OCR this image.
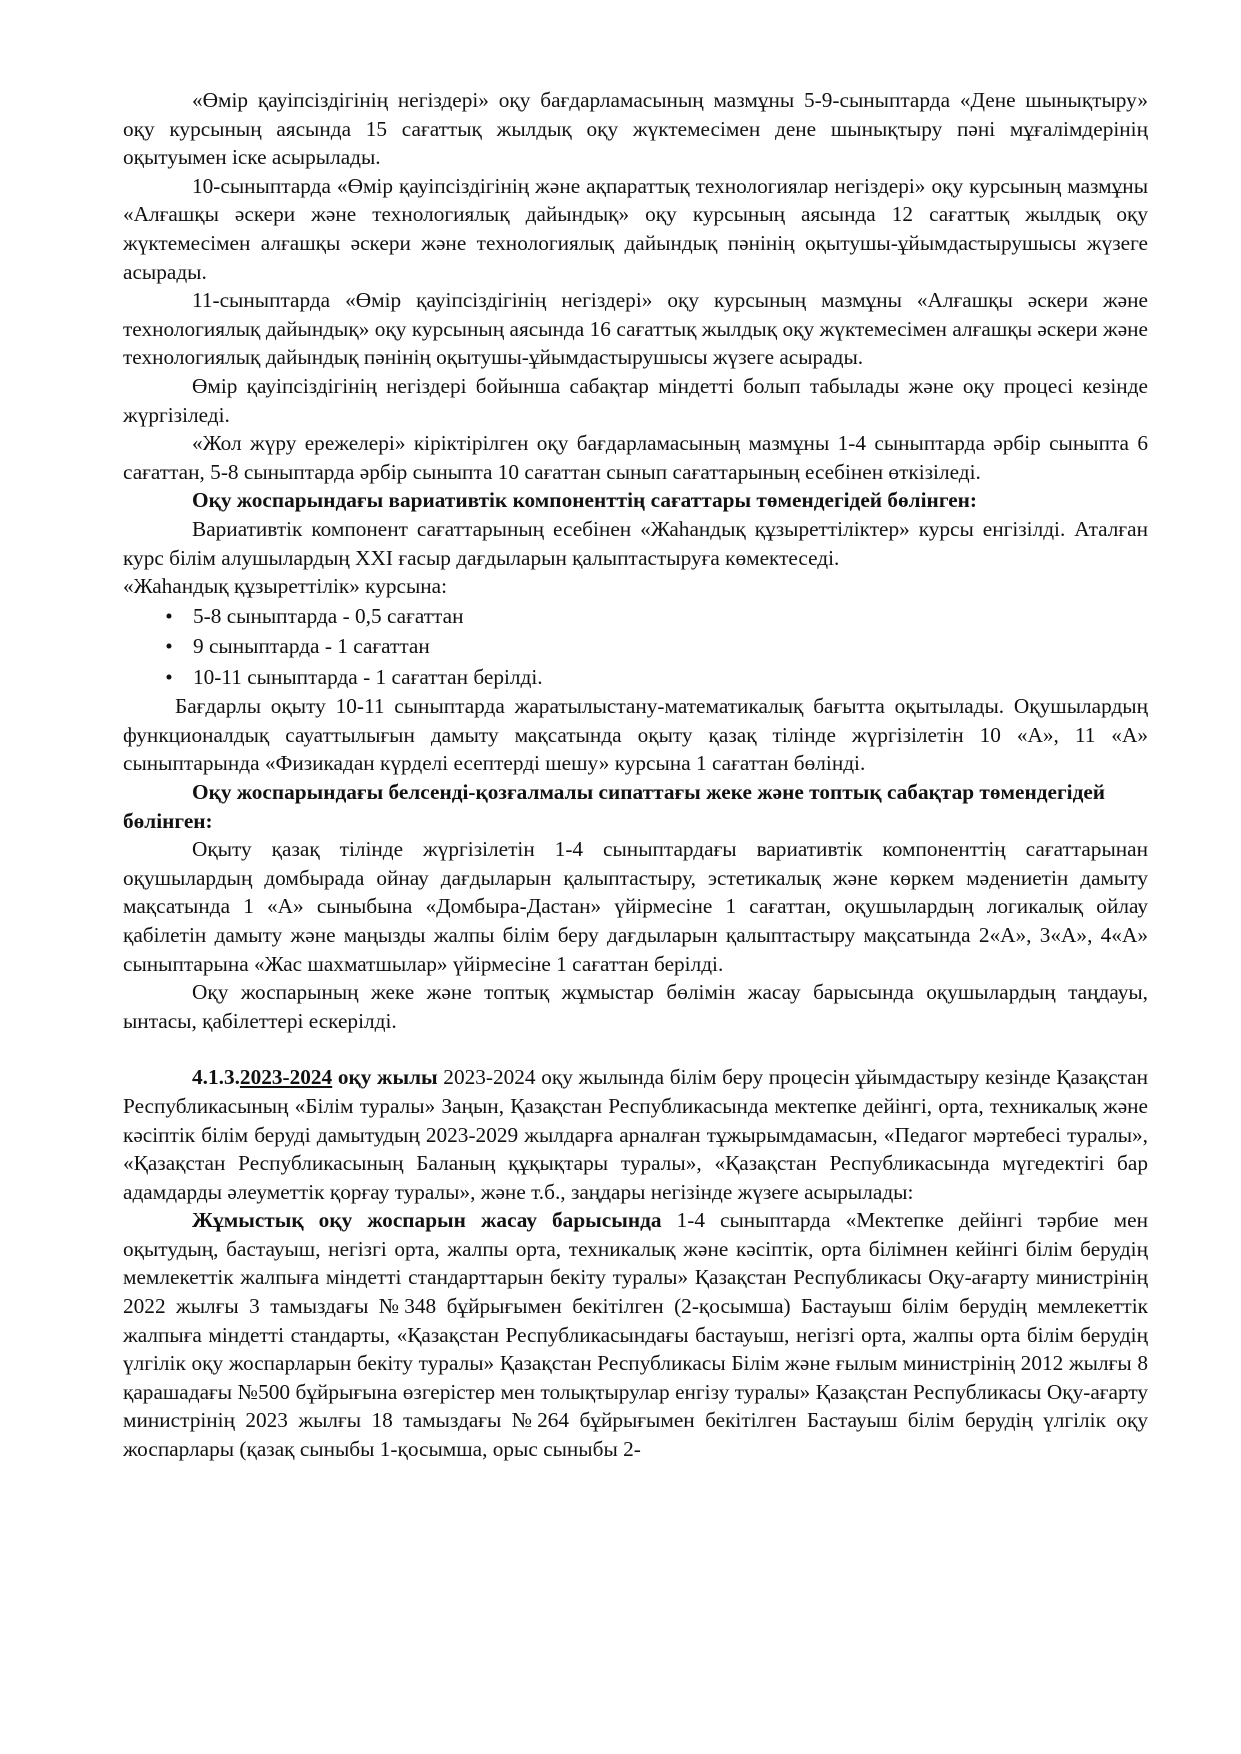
«Өмір қауіпсіздігінің негіздері» оқу бағдарламасының мазмұны 5-9-сыныптарда «Дене шынықтыру» оқу курсының аясында 15 сағаттық жылдық оқу жүктемесімен дене шынықтыру пәні мұғалімдерінің оқытуымен іске асырылады.

10-сыныптарда «Өмір қауіпсіздігінің және ақпараттық технологиялар негіздері» оқу курсының мазмұны «Алғашқы әскери және технологиялық дайындық» оқу курсының аясында 12 сағаттық жылдық оқу жүктемесімен алғашқы әскери және технологиялық дайындық пәнінің оқытушы-ұйымдастырушысы жүзеге асырады.

11-сыныптарда «Өмір қауіпсіздігінің негіздері» оқу курсының мазмұны «Алғашқы әскери және технологиялық дайындық» оқу курсының аясында 16 сағаттық жылдық оқу жүктемесімен алғашқы әскери және технологиялық дайындық пәнінің оқытушы-ұйымдастырушысы жүзеге асырады.

Өмір қауіпсіздігінің негіздері бойынша сабақтар міндетті болып табылады және оқу процесі кезінде жүргізіледі.

«Жол жүру ережелері» кіріктірілген оқу бағдарламасының мазмұны 1-4 сыныптарда әрбір сыныпта 6 сағаттан, 5-8 сыныптарда әрбір сыныпта 10 сағаттан сынып сағаттарының есебінен өткізіледі.

Оқу жоспарындағы вариативтік компоненттің сағаттары төмендегідей бөлінген:

Вариативтік компонент сағаттарының есебінен «Жаһандық құзыреттіліктер» курсы енгізілді. Аталған курс білім алушылардың XXI ғасыр дағдыларын қалыптастыруға көмектеседі.

«Жаһандық құзыреттілік» курсына:

• 5-8 сыныптарда - 0,5 сағаттан
• 9 сыныптарда - 1 сағаттан
• 10-11 сыныптарда - 1 сағаттан берілді.

Бағдарлы оқыту 10-11 сыныптарда жаратылыстану-математикалық бағытта оқытылады. Оқушылардың функционалдық сауаттылығын дамыту мақсатында оқыту қазақ тілінде жүргізілетін 10 «А», 11 «А» сыныптарында «Физикадан күрделі есептерді шешу» курсына 1 сағаттан бөлінді.

Оқу жоспарындағы белсенді-қозғалмалы сипаттағы жеке және топтық сабақтар төмендегідей бөлінген:

Оқыту қазақ тілінде жүргізілетін 1-4 сыныптардағы вариативтік компоненттің сағаттарынан оқушылардың домбырада ойнау дағдыларын қалыптастыру, эстетикалық және көркем мәдениетін дамыту мақсатында 1 «А» сыныбына «Домбыра-Дастан» үйірмесіне 1 сағаттан, оқушылардың логикалық ойлау қабілетін дамыту және маңызды жалпы білім беру дағдыларын қалыптастыру мақсатында 2«А», 3«А», 4«А» сыныптарына «Жас шахматшылар» үйірмесіне 1 сағаттан берілді.

Оқу жоспарының жеке және топтық жұмыстар бөлімін жасау барысында оқушылардың таңдауы, ынтасы, қабілеттері ескерілді.

4.1.3.2023-2024 оқу жылы 2023-2024 оқу жылында білім беру процесін ұйымдастыру кезінде Қазақстан Республикасының «Білім туралы» Заңын, Қазақстан Республикасында мектепке дейінгі, орта, техникалық және кәсіптік білім беруді дамытудың 2023-2029 жылдарға арналған тұжырымдамасын, «Педагог мәртебесі туралы», «Қазақстан Республикасының Баланың құқықтары туралы», «Қазақстан Республикасында мүгедектігі бар адамдарды әлеуметтік қорғау туралы», және т.б., заңдары негізінде жүзеге асырылады:

Жұмыстық оқу жоспарын жасау барысында 1-4 сыныптарда «Мектепке дейінгі тәрбие мен оқытудың, бастауыш, негізгі орта, жалпы орта, техникалық және кәсіптік, орта білімнен кейінгі білім берудің мемлекеттік жалпыға міндетті стандарттарын бекіту туралы» Қазақстан Республикасы Оқу-ағарту министрінің 2022 жылғы 3 тамыздағы №348 бұйрығымен бекітілген (2-қосымша) Бастауыш білім берудің мемлекеттік жалпыға міндетті стандарты, «Қазақстан Республикасындағы бастауыш, негізгі орта, жалпы орта білім берудің үлгілік оқу жоспарларын бекіту туралы» Қазақстан Республикасы Білім және ғылым министрінің 2012 жылғы 8 қарашадағы №500 бұйрығына өзгерістер мен толықтырулар енгізу туралы» Қазақстан Республикасы Оқу-ағарту министрінің 2023 жылғы 18 тамыздағы №264 бұйрығымен бекітілген Бастауыш білім берудің үлгілік оқу жоспарлары (қазақ сыныбы 1-қосымша, орыс сыныбы 2-
